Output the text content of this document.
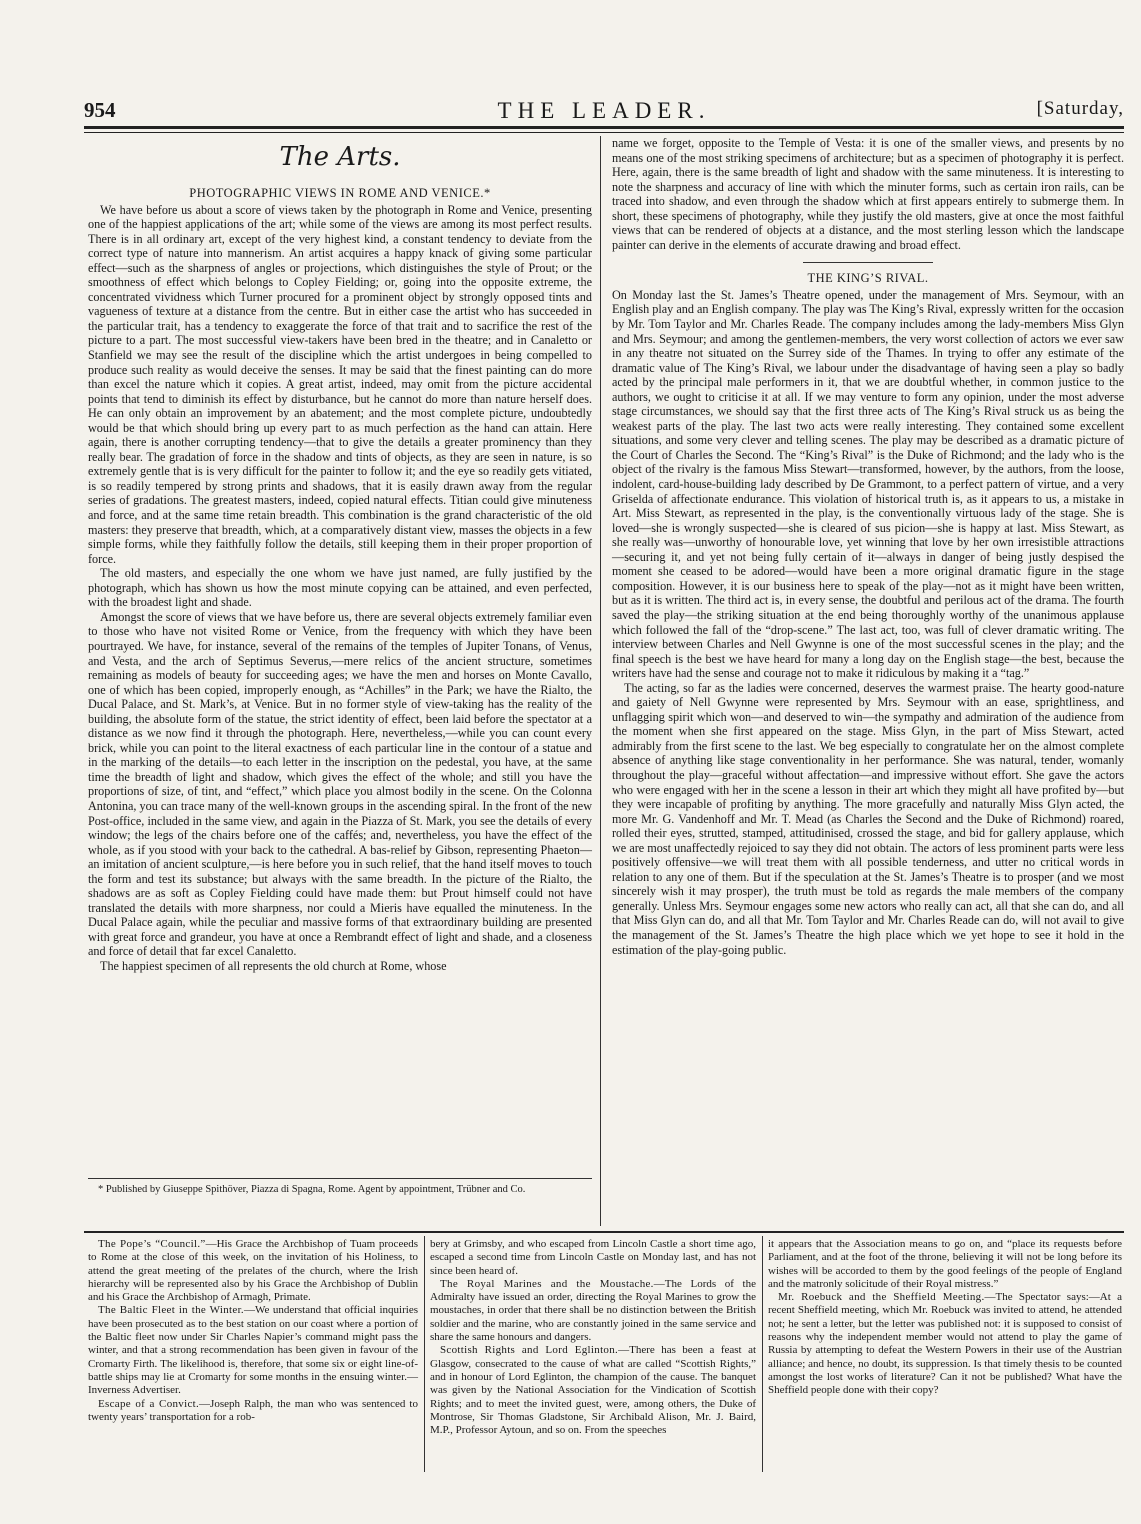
954	THE LEADER.	[Saturday,
The Arts.

PHOTOGRAPHIC VIEWS IN ROME AND VENICE.*

We have before us about a score of views taken by the photograph in Rome and Venice, presenting one of the happiest applications of the art; while some of the views are among its most perfect results. There is in all ordinary art, except of the very highest kind, a constant tendency to deviate from the correct type of nature into mannerism. An artist acquires a happy knack of giving some particular effect—such as the sharpness of angles or projections, which distinguishes the style of Prout; or the smoothness of effect which belongs to Copley Fielding; or, going into the opposite extreme, the concentrated vividness which Turner procured for a prominent object by strongly opposed tints and vagueness of texture at a distance from the centre. But in either case the artist who has succeeded in the particular trait, has a tendency to exaggerate the force of that trait and to sacrifice the rest of the picture to a part. The most successful view-takers have been bred in the theatre; and in Canaletto or Stanfield we may see the result of the discipline which the artist undergoes in being compelled to produce such reality as would deceive the senses. It may be said that the finest painting can do more than excel the nature which it copies. A great artist, indeed, may omit from the picture accidental points that tend to diminish its effect by disturbance, but he cannot do more than nature herself does. He can only obtain an improvement by an abatement; and the most complete picture, undoubtedly would be that which should bring up every part to as much perfection as the hand can attain. Here again, there is another corrupting tendency—that to give the details a greater prominency than they really bear. The gradation of force in the shadow and tints of objects, as they are seen in nature, is so extremely gentle that is is very difficult for the painter to follow it; and the eye so readily gets vitiated, is so readily tempered by strong prints and shadows, that it is easily drawn away from the regular series of gradations. The greatest masters, indeed, copied natural effects. Titian could give minuteness and force, and at the same time retain breadth. This combination is the grand characteristic of the old masters: they preserve that breadth, which, at a comparatively distant view, masses the objects in a few simple forms, while they faithfully follow the details, still keeping them in their proper proportion of force.

The old masters, and especially the one whom we have just named, are fully justified by the photograph, which has shown us how the most minute copying can be attained, and even perfected, with the broadest light and shade.

Amongst the score of views that we have before us, there are several objects extremely familiar even to those who have not visited Rome or Venice, from the frequency with which they have been pourtrayed. We have, for instance, several of the remains of the temples of Jupiter Tonans, of Venus, and Vesta, and the arch of Septimus Severus,—mere relics of the ancient structure, sometimes remaining as models of beauty for succeeding ages; we have the men and horses on Monte Cavallo, one of which has been copied, improperly enough, as “Achilles” in the Park; we have the Rialto, the Ducal Palace, and St. Mark’s, at Venice. But in no former style of view-taking has the reality of the building, the absolute form of the statue, the strict identity of effect, been laid before the spectator at a distance as we now find it through the photograph. Here, nevertheless,—while you can count every brick, while you can point to the literal exactness of each particular line in the contour of a statue and in the marking of the details—to each letter in the inscription on the pedestal, you have, at the same time the breadth of light and shadow, which gives the effect of the whole; and still you have the proportions of size, of tint, and “effect,” which place you almost bodily in the scene. On the Colonna Antonina, you can trace many of the well-known groups in the ascending spiral. In the front of the new Post-office, included in the same view, and again in the Piazza of St. Mark, you see the details of every window; the legs of the chairs before one of the caffés; and, nevertheless, you have the effect of the whole, as if you stood with your back to the cathedral. A bas-relief by Gibson, representing Phaeton—an imitation of ancient sculpture,—is here before you in such relief, that the hand itself moves to touch the form and test its substance; but always with the same breadth. In the picture of the Rialto, the shadows are as soft as Copley Fielding could have made them: but Prout himself could not have translated the details with more sharpness, nor could a Mieris have equalled the minuteness. In the Ducal Palace again, while the peculiar and massive forms of that extraordinary building are presented with great force and grandeur, you have at once a Rembrandt effect of light and shade, and a closeness and force of detail that far excel Canaletto.

The happiest specimen of all represents the old church at Rome, whose

* Published by Giuseppe Spithöver, Piazza di Spagna, Rome. Agent by appointment, Trübner and Co.

name we forget, opposite to the Temple of Vesta: it is one of the smaller views, and presents by no means one of the most striking specimens of architecture; but as a specimen of photography it is perfect. Here, again, there is the same breadth of light and shadow with the same minuteness. It is interesting to note the sharpness and accuracy of line with which the minuter forms, such as certain iron rails, can be traced into shadow, and even through the shadow which at first appears entirely to submerge them. In short, these specimens of photography, while they justify the old masters, give at once the most faithful views that can be rendered of objects at a distance, and the most sterling lesson which the landscape painter can derive in the elements of accurate drawing and broad effect.

THE KING’S RIVAL.

On Monday last the St. James’s Theatre opened, under the management of Mrs. Seymour, with an English play and an English company. The play was The King’s Rival, expressly written for the occasion by Mr. Tom Taylor and Mr. Charles Reade. The company includes among the lady-members Miss Glyn and Mrs. Seymour; and among the gentlemen-members, the very worst collection of actors we ever saw in any theatre not situated on the Surrey side of the Thames. In trying to offer any estimate of the dramatic value of The King’s Rival, we labour under the disadvantage of having seen a play so badly acted by the principal male performers in it, that we are doubtful whether, in common justice to the authors, we ought to criticise it at all. If we may venture to form any opinion, under the most adverse stage circumstances, we should say that the first three acts of The King’s Rival struck us as being the weakest parts of the play. The last two acts were really interesting. They contained some excellent situations, and some very clever and telling scenes. The play may be described as a dramatic picture of the Court of Charles the Second. The “King’s Rival” is the Duke of Richmond; and the lady who is the object of the rivalry is the famous Miss Stewart—transformed, however, by the authors, from the loose, indolent, card-house-building lady described by De Grammont, to a perfect pattern of virtue, and a very Griselda of affectionate endurance. This violation of historical truth is, as it appears to us, a mistake in Art. Miss Stewart, as represented in the play, is the conventionally virtuous lady of the stage. She is loved—she is wrongly suspected—she is cleared of sus picion—she is happy at last. Miss Stewart, as she really was—unworthy of honourable love, yet winning that love by her own irresistible attractions —securing it, and yet not being fully certain of it—always in danger of being justly despised the moment she ceased to be adored—would have been a more original dramatic figure in the stage composition. However, it is our business here to speak of the play—not as it might have been written, but as it is written. The third act is, in every sense, the doubtful and perilous act of the drama. The fourth saved the play—the striking situation at the end being thoroughly worthy of the unanimous applause which followed the fall of the “drop-scene.” The last act, too, was full of clever dramatic writing. The interview between Charles and Nell Gwynne is one of the most successful scenes in the play; and the final speech is the best we have heard for many a long day on the English stage—the best, because the writers have had the sense and courage not to make it ridiculous by making it a “tag.”

The acting, so far as the ladies were concerned, deserves the warmest praise. The hearty good-nature and gaiety of Nell Gwynne were represented by Mrs. Seymour with an ease, sprightliness, and unflagging spirit which won—and deserved to win—the sympathy and admiration of the audience from the moment when she first appeared on the stage. Miss Glyn, in the part of Miss Stewart, acted admirably from the first scene to the last. We beg especially to congratulate her on the almost complete absence of anything like stage conventionality in her performance. She was natural, tender, womanly throughout the play—graceful without affectation—and impressive without effort. She gave the actors who were engaged with her in the scene a lesson in their art which they might all have profited by—but they were incapable of profiting by anything. The more gracefully and naturally Miss Glyn acted, the more Mr. G. Vandenhoff and Mr. T. Mead (as Charles the Second and the Duke of Richmond) roared, rolled their eyes, strutted, stamped, attitudinised, crossed the stage, and bid for gallery applause, which we are most unaffectedly rejoiced to say they did not obtain. The actors of less prominent parts were less positively offensive—we will treat them with all possible tenderness, and utter no critical words in relation to any one of them. But if the speculation at the St. James’s Theatre is to prosper (and we most sincerely wish it may prosper), the truth must be told as regards the male members of the company generally. Unless Mrs. Seymour engages some new actors who really can act, all that she can do, and all that Miss Glyn can do, and all that Mr. Tom Taylor and Mr. Charles Reade can do, will not avail to give the management of the St. James’s Theatre the high place which we yet hope to see it hold in the estimation of the play-going public.

The Pope’s “Council.”—His Grace the Archbishop of Tuam proceeds to Rome at the close of this week, on the invitation of his Holiness, to attend the great meeting of the prelates of the church, where the Irish hierarchy will be represented also by his Grace the Archbishop of Dublin and his Grace the Archbishop of Armagh, Primate.

The Baltic Fleet in the Winter.—We understand that official inquiries have been prosecuted as to the best station on our coast where a portion of the Baltic fleet now under Sir Charles Napier’s command might pass the winter, and that a strong recommendation has been given in favour of the Cromarty Firth. The likelihood is, therefore, that some six or eight line-of-battle ships may lie at Cromarty for some months in the ensuing winter.—Inverness Advertiser.

Escape of a Convict.—Joseph Ralph, the man who was sentenced to twenty years’ transportation for a rob-

bery at Grimsby, and who escaped from Lincoln Castle a short time ago, escaped a second time from Lincoln Castle on Monday last, and has not since been heard of.

The Royal Marines and the Moustache.—The Lords of the Admiralty have issued an order, directing the Royal Marines to grow the moustaches, in order that there shall be no distinction between the British soldier and the marine, who are constantly joined in the same service and share the same honours and dangers.

Scottish Rights and Lord Eglinton.—There has been a feast at Glasgow, consecrated to the cause of what are called “Scottish Rights,” and in honour of Lord Eglinton, the champion of the cause. The banquet was given by the National Association for the Vindication of Scottish Rights; and to meet the invited guest, were, among others, the Duke of Montrose, Sir Thomas Gladstone, Sir Archibald Alison, Mr. J. Baird, M.P., Professor Aytoun, and so on. From the speeches

it appears that the Association means to go on, and “place its requests before Parliament, and at the foot of the throne, believing it will not be long before its wishes will be accorded to them by the good feelings of the people of England and the matronly solicitude of their Royal mistress.”

Mr. Roebuck and the Sheffield Meeting.—The Spectator says:—At a recent Sheffield meeting, which Mr. Roebuck was invited to attend, he attended not; he sent a letter, but the letter was published not: it is supposed to consist of reasons why the independent member would not attend to play the game of Russia by attempting to defeat the Western Powers in their use of the Austrian alliance; and hence, no doubt, its suppression. Is that timely thesis to be counted amongst the lost works of literature? Can it not be published? What have the Sheffield people done with their copy?
